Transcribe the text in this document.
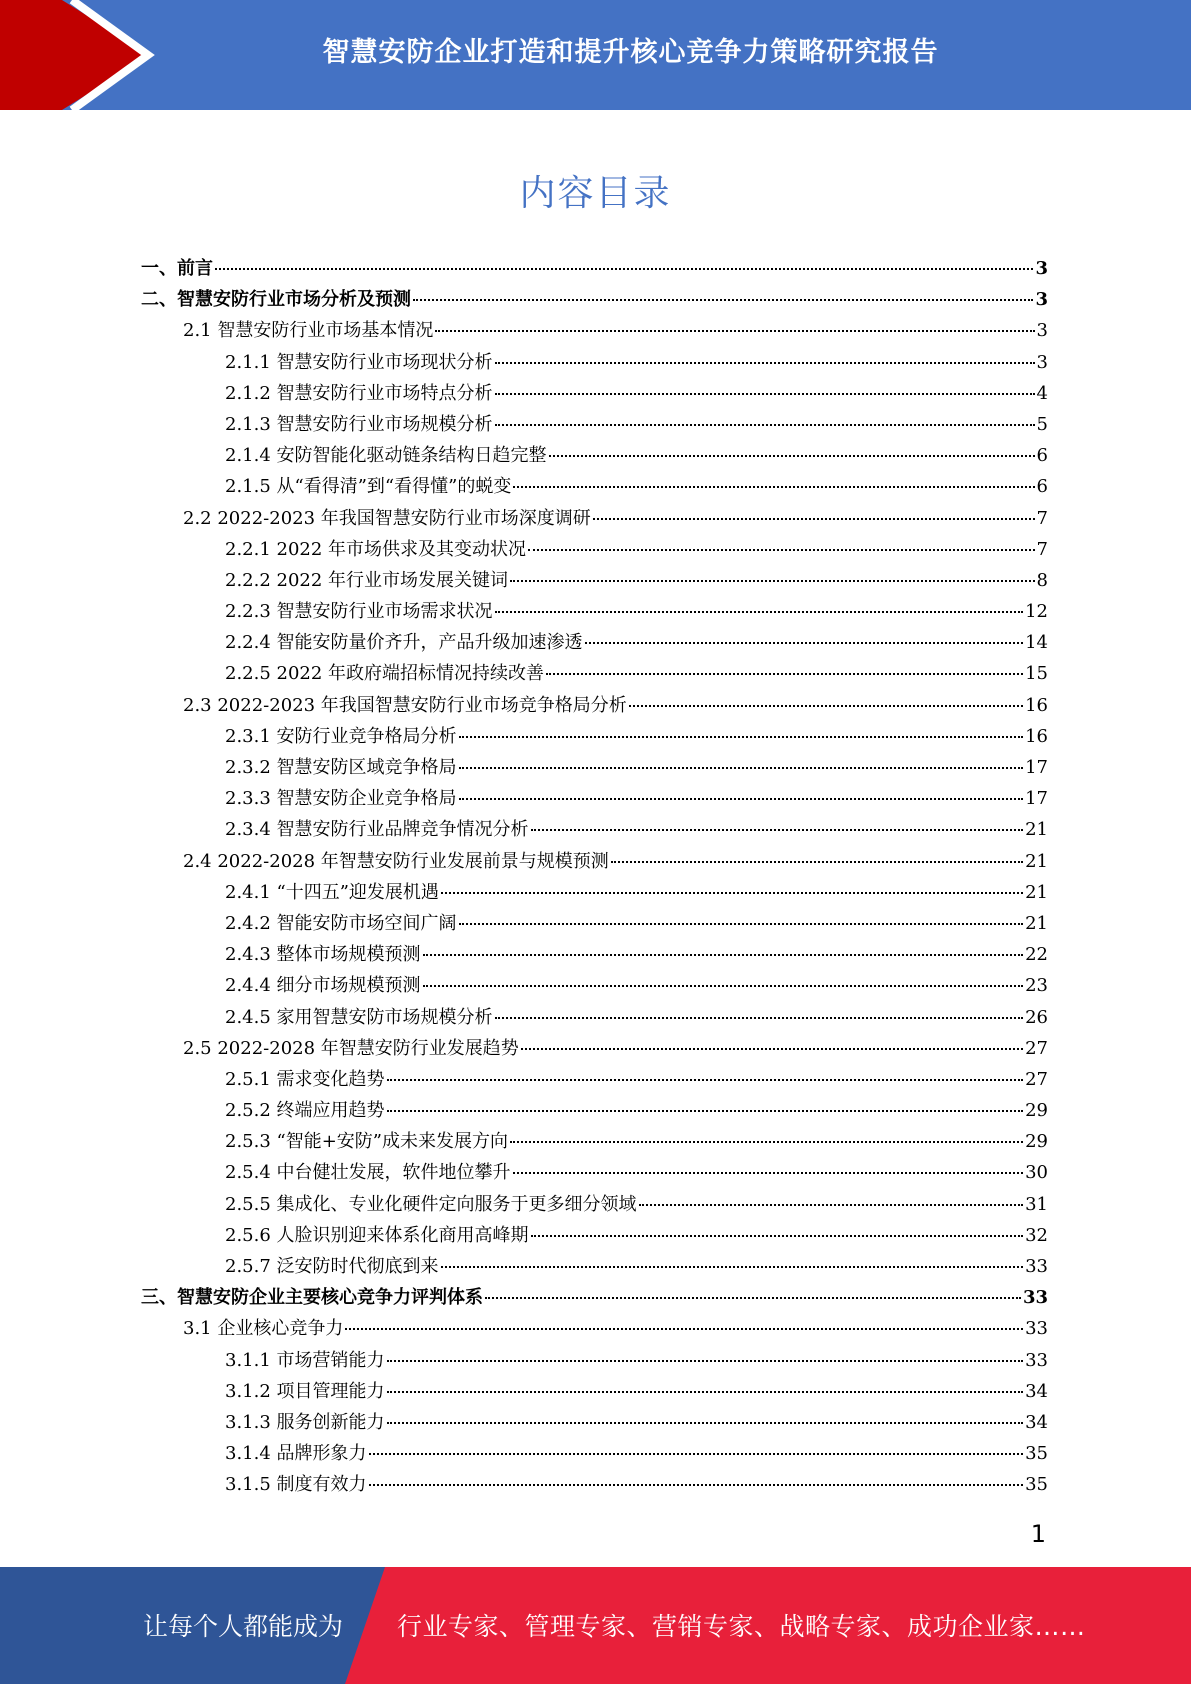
智慧安防企业打造和提升核心竞争力策略研究报告
内容目录
一、前言	3
二、智慧安防行业市场分析及预测	3
2.1 智慧安防行业市场基本情况	3
2.1.1 智慧安防行业市场现状分析	3
2.1.2 智慧安防行业市场特点分析	4
2.1.3 智慧安防行业市场规模分析	5
2.1.4 安防智能化驱动链条结构日趋完整	6
2.1.5 从“看得清”到“看得懂”的蜕变	6
2.2 2022-2023 年我国智慧安防行业市场深度调研	7
2.2.1 2022 年市场供求及其变动状况	7
2.2.2 2022 年行业市场发展关键词	8
2.2.3 智慧安防行业市场需求状况	12
2.2.4 智能安防量价齐升，产品升级加速渗透	14
2.2.5 2022 年政府端招标情况持续改善	15
2.3 2022-2023 年我国智慧安防行业市场竞争格局分析	16
2.3.1 安防行业竞争格局分析	16
2.3.2 智慧安防区域竞争格局	17
2.3.3 智慧安防企业竞争格局	17
2.3.4 智慧安防行业品牌竞争情况分析	21
2.4 2022-2028 年智慧安防行业发展前景与规模预测	21
2.4.1 “十四五”迎发展机遇	21
2.4.2 智能安防市场空间广阔	21
2.4.3 整体市场规模预测	22
2.4.4 细分市场规模预测	23
2.4.5 家用智慧安防市场规模分析	26
2.5 2022-2028 年智慧安防行业发展趋势	27
2.5.1 需求变化趋势	27
2.5.2 终端应用趋势	29
2.5.3 “智能+安防”成未来发展方向	29
2.5.4 中台健壮发展，软件地位攀升	30
2.5.5 集成化、专业化硬件定向服务于更多细分领域	31
2.5.6 人脸识别迎来体系化商用高峰期	32
2.5.7 泛安防时代彻底到来	33
三、智慧安防企业主要核心竞争力评判体系	33
3.1 企业核心竞争力	33
3.1.1 市场营销能力	33
3.1.2 项目管理能力	34
3.1.3 服务创新能力	34
3.1.4 品牌形象力	35
3.1.5 制度有效力	35
1
让每个人都能成为 行业专家、管理专家、营销专家、战略专家、成功企业家……
